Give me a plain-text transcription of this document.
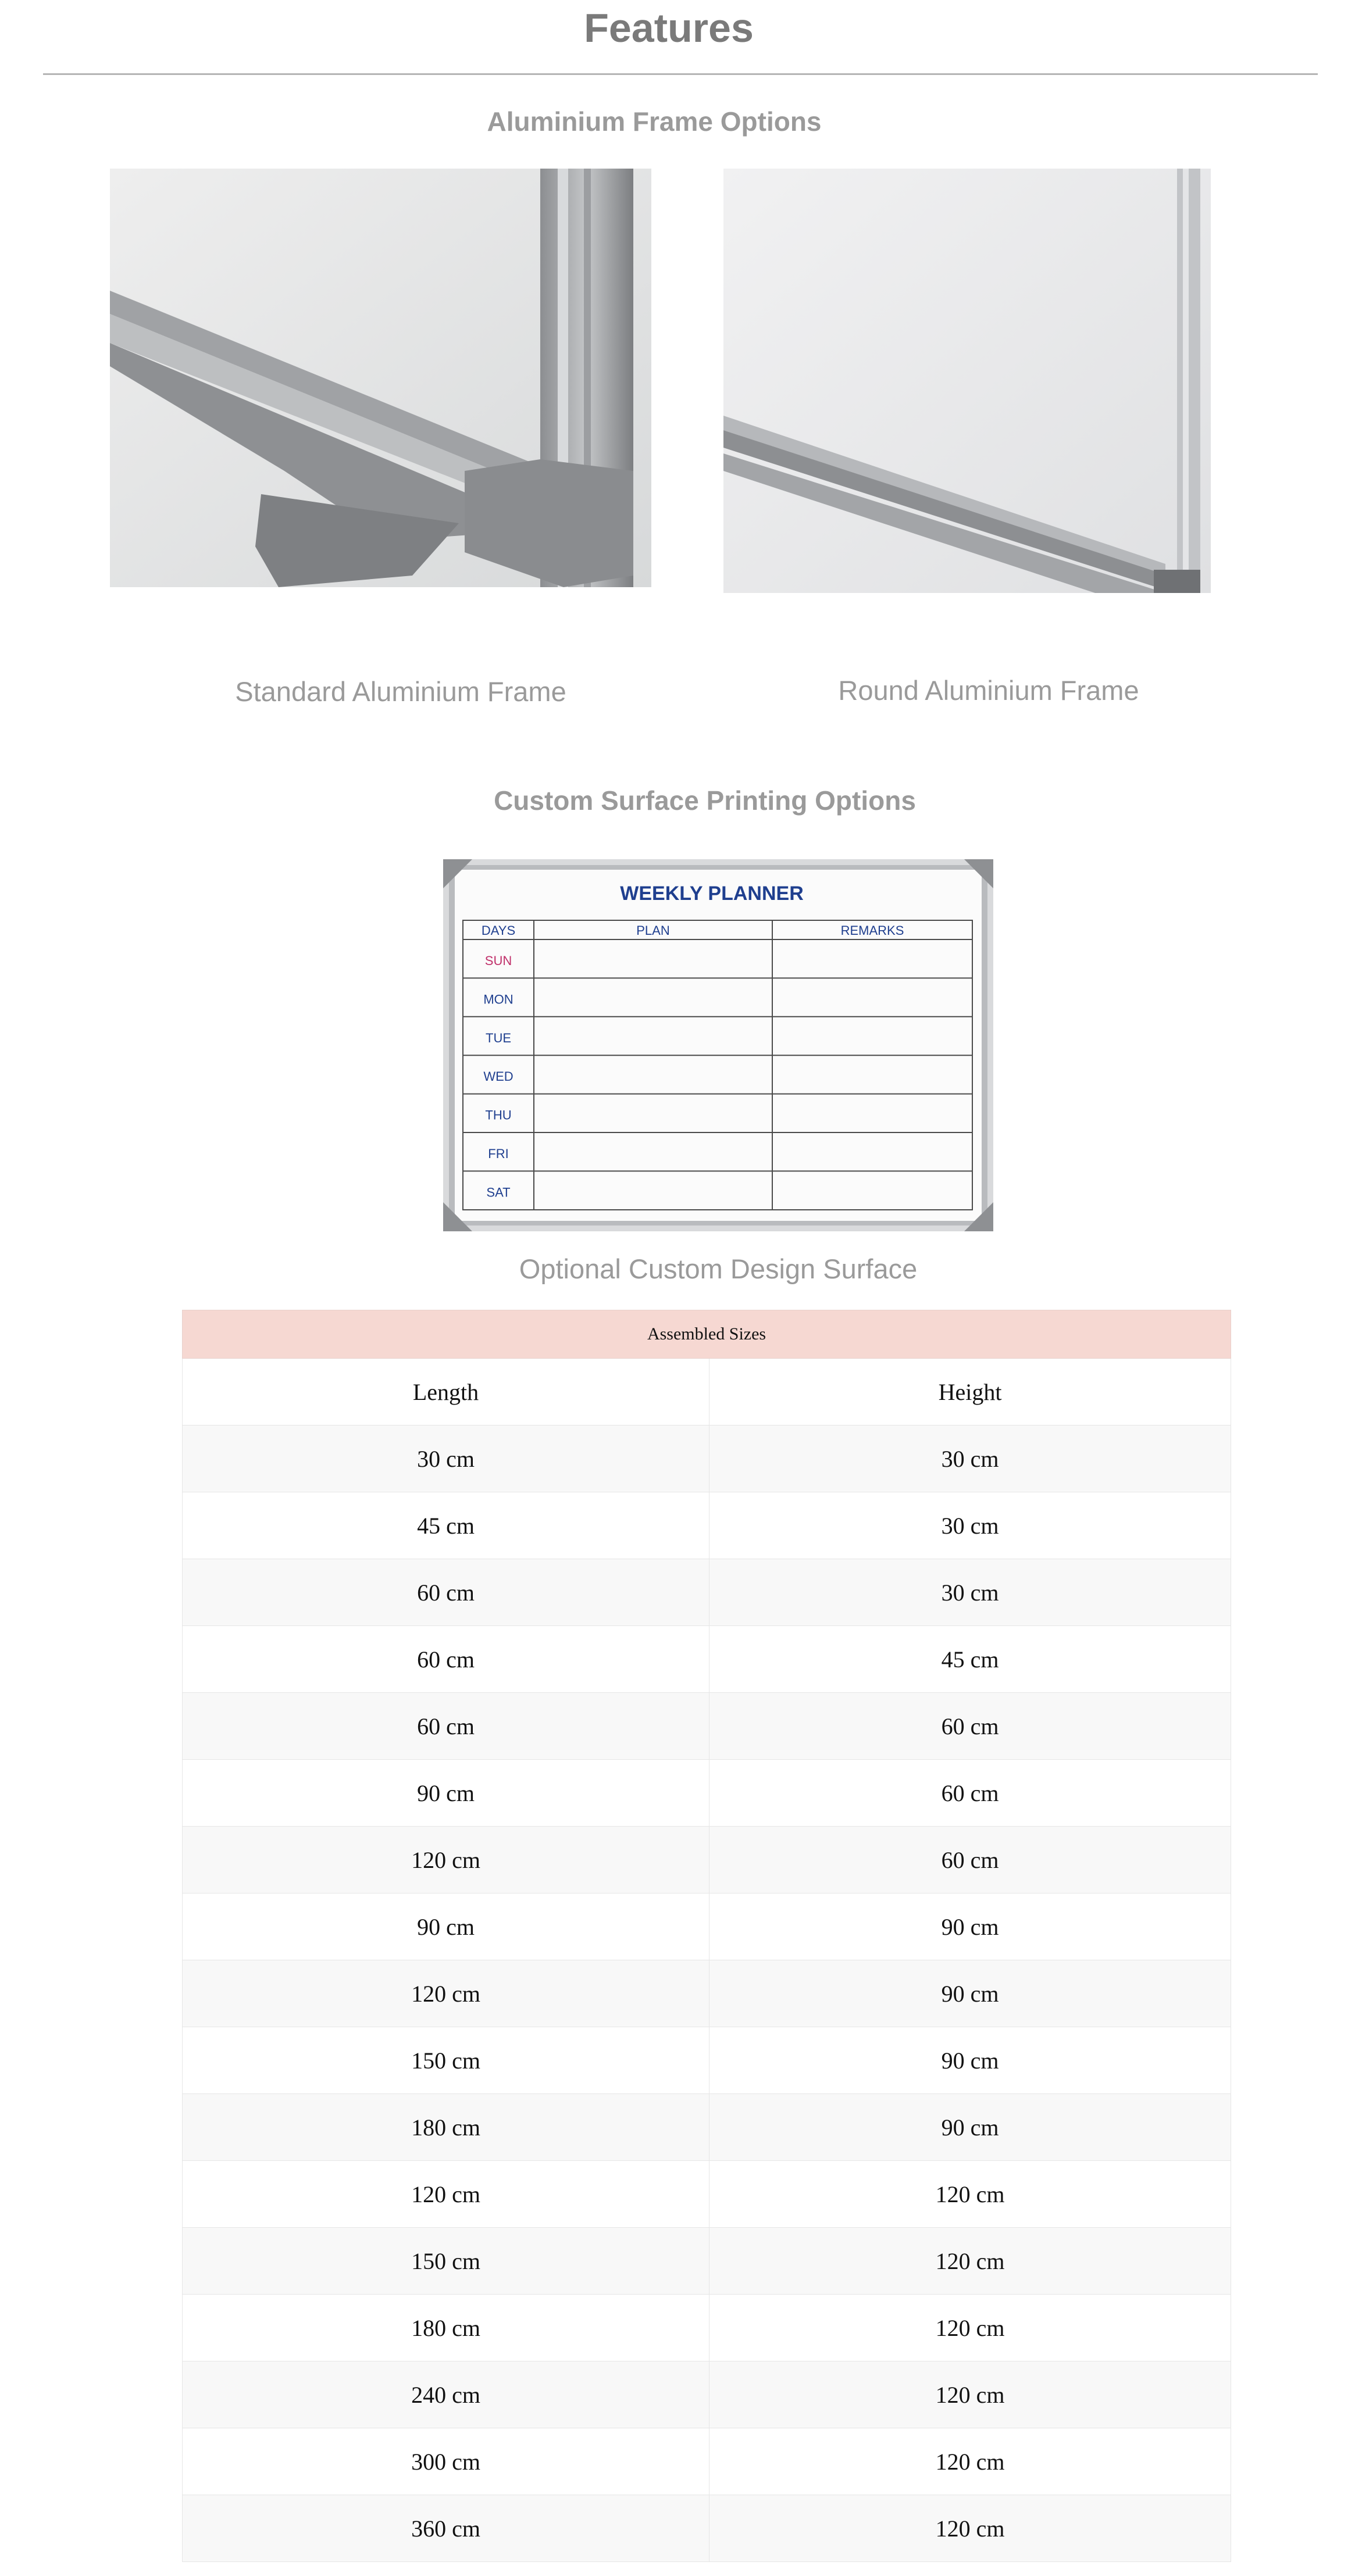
Features
Aluminium Frame Options
Standard Aluminium Frame	Round Aluminium Frame
Custom Surface Printing Options
WEEKLY PLANNER
DAYS	PLAN	REMARKS
SUN
MON
TUE
WED
THU
FRI
SAT
Optional Custom Design Surface
Assembled Sizes	
Length	Height
30 cm	30 cm
45 cm	30 cm
60 cm	30 cm
60 cm	45 cm
60 cm	60 cm
90 cm	60 cm
120 cm	60 cm
90 cm	90 cm
120 cm	90 cm
150 cm	90 cm
180 cm	90 cm
120 cm	120 cm
150 cm	120 cm
180 cm	120 cm
240 cm	120 cm
300 cm	120 cm
360 cm	120 cm
